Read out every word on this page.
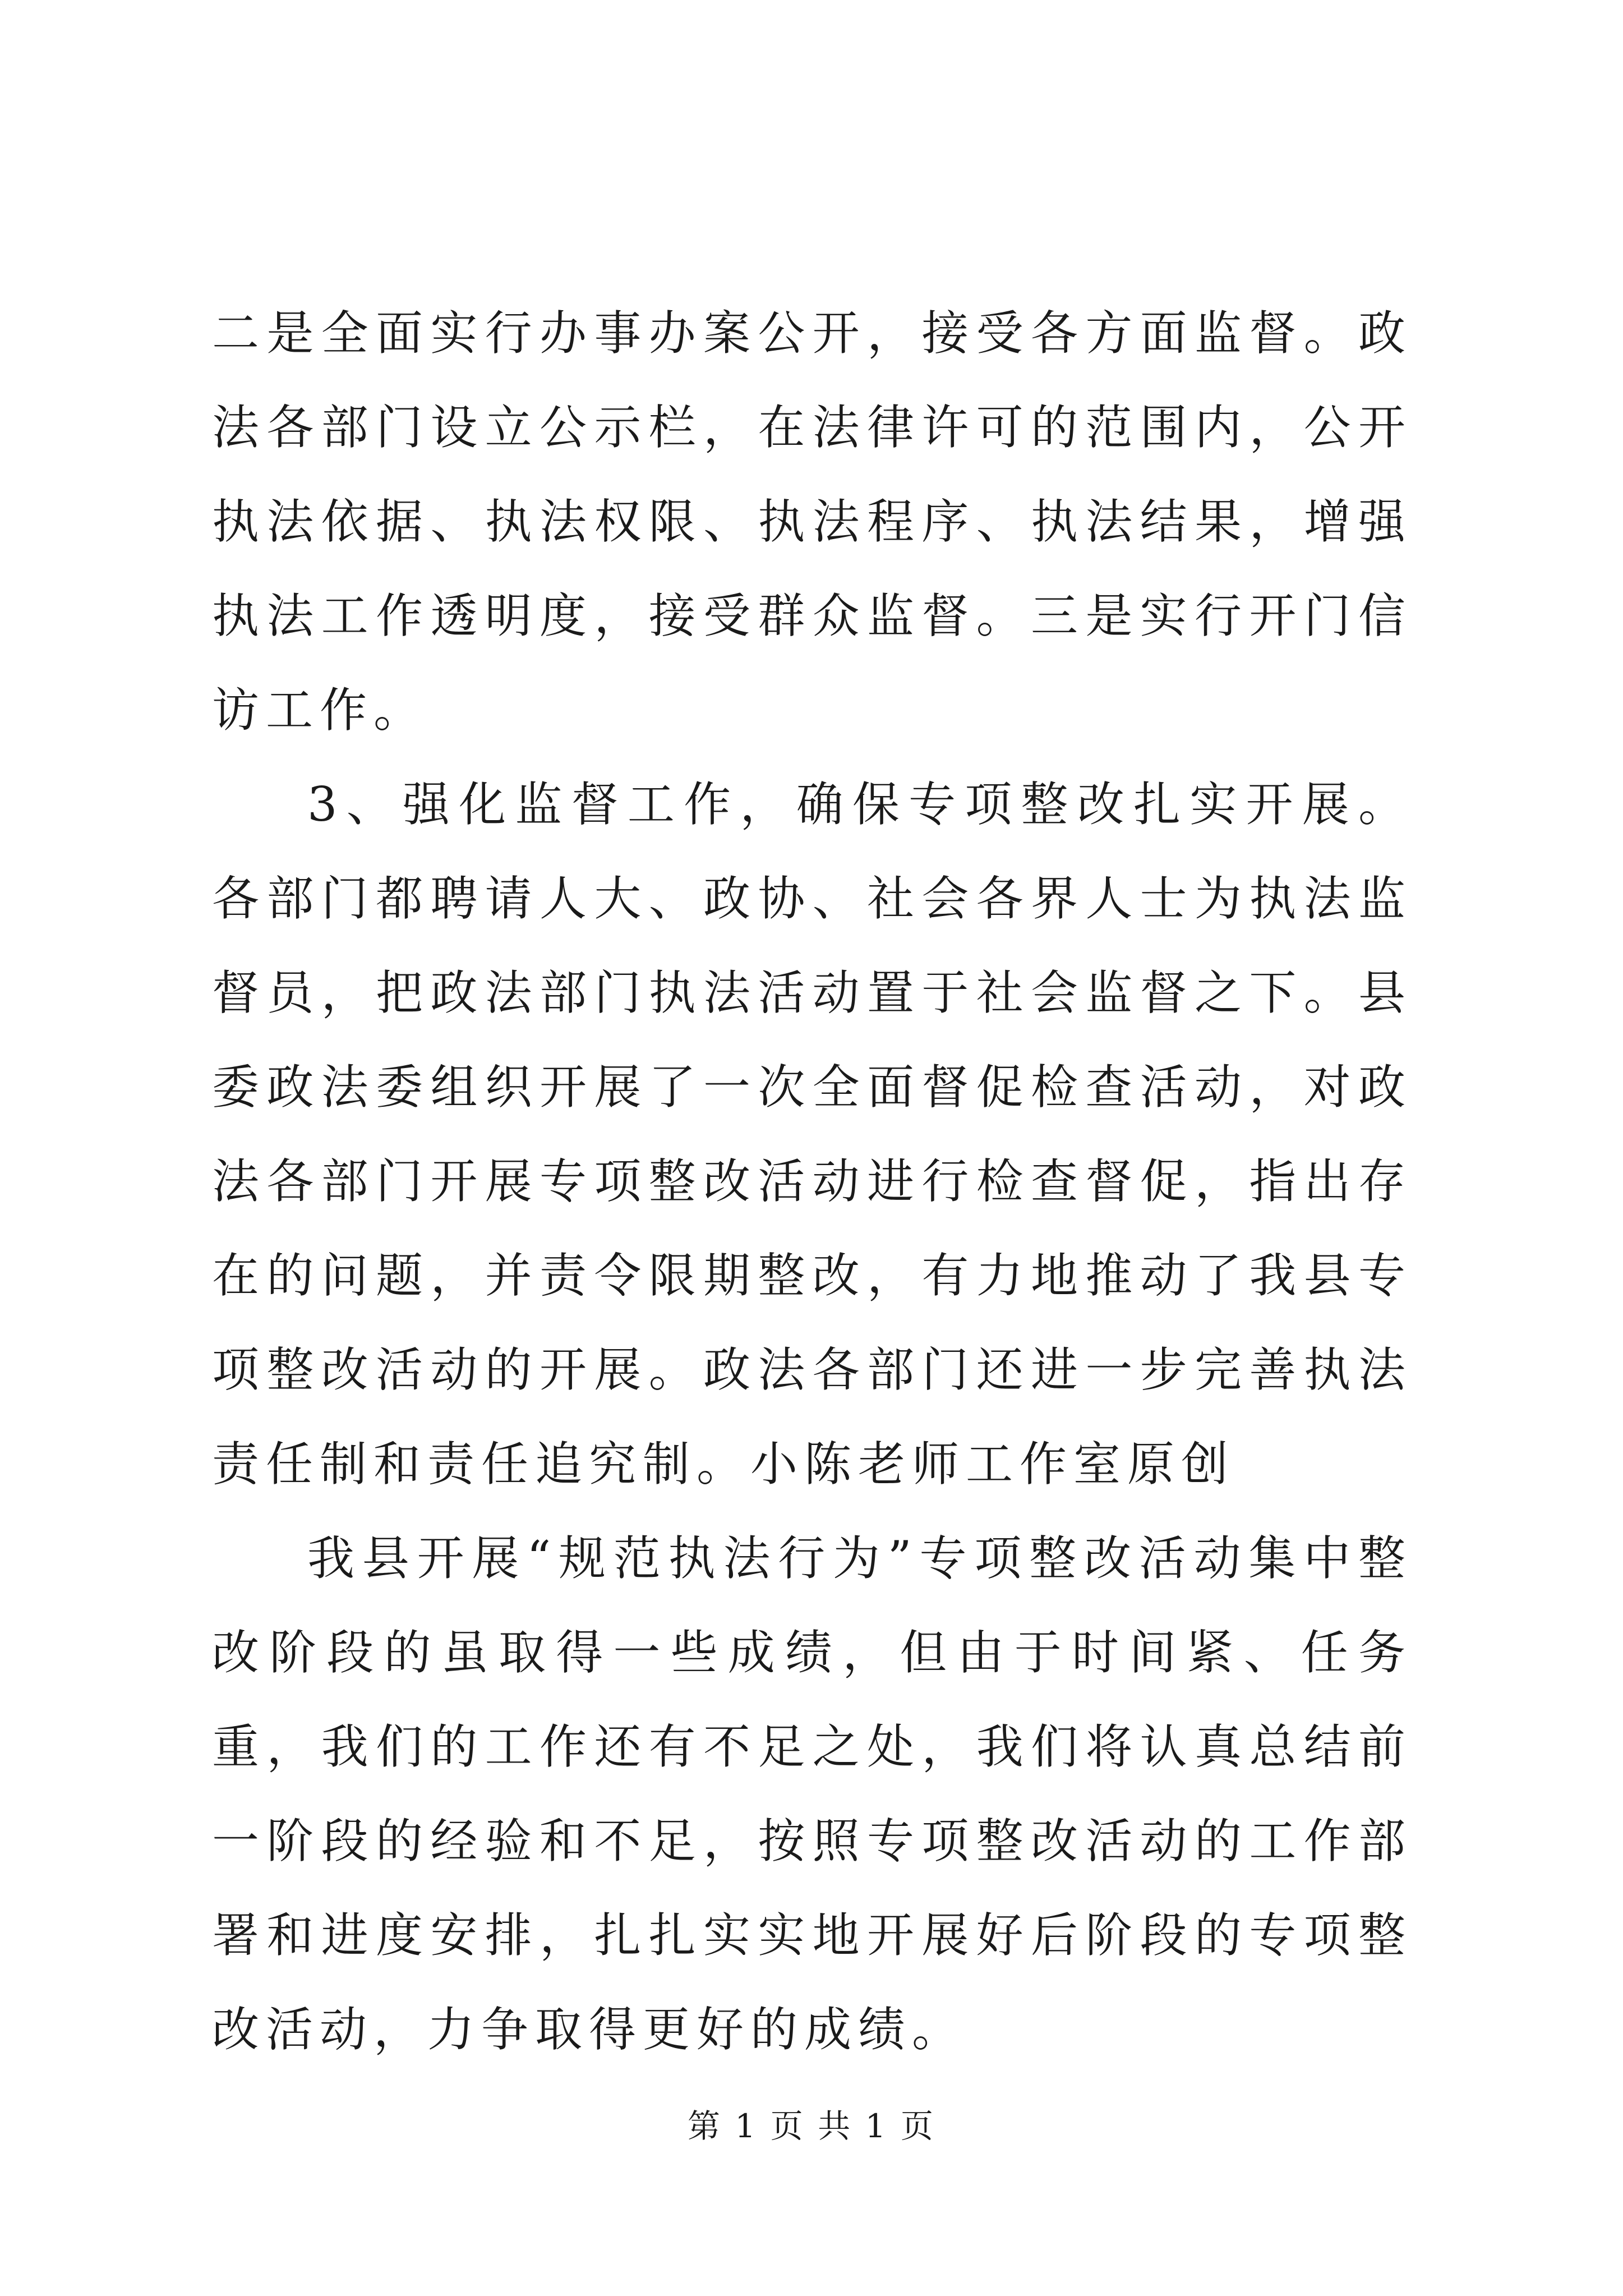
二是全面实行办事办案公开，接受各方面监督。政法各部门设立公示栏，在法律许可的范围内，公开执法依据、执法权限、执法程序、执法结果，增强执法工作透明度，接受群众监督。三是实行开门信访工作。

3、强化监督工作，确保专项整改扎实开展。各部门都聘请人大、政协、社会各界人士为执法监督员，把政法部门执法活动置于社会监督之下。县委政法委组织开展了一次全面督促检查活动，对政法各部门开展专项整改活动进行检查督促，指出存在的问题，并责令限期整改，有力地推动了我县专项整改活动的开展。政法各部门还进一步完善执法责任制和责任追究制。小陈老师工作室原创

我县开展“规范执法行为”专项整改活动集中整改阶段的虽取得一些成绩，但由于时间紧、任务重，我们的工作还有不足之处，我们将认真总结前一阶段的经验和不足，按照专项整改活动的工作部署和进度安排，扎扎实实地开展好后阶段的专项整改活动，力争取得更好的成绩。

第 1 页 共 1 页
